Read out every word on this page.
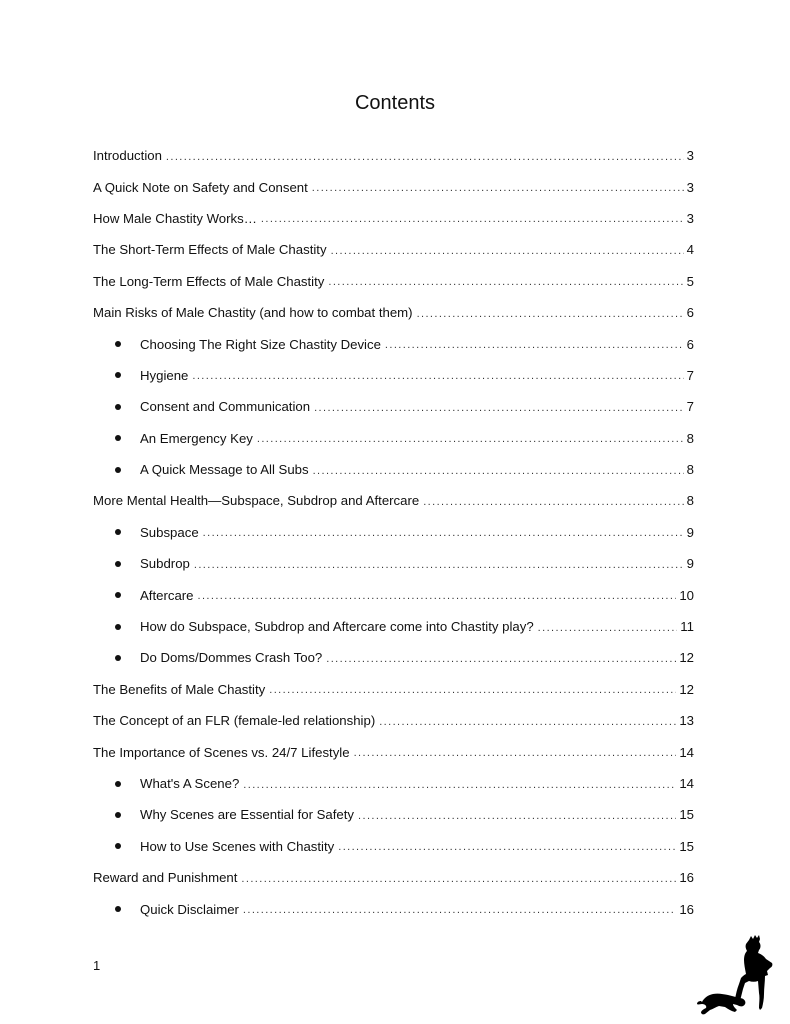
Contents
Introduction .....	3
A Quick Note on Safety and Consent .....	3
How Male Chastity Works… .....	3
The Short-Term Effects of Male Chastity .....	4
The Long-Term Effects of Male Chastity .....	5
Main Risks of Male Chastity (and how to combat them) .....	6
Choosing The Right Size Chastity Device .....	6
Hygiene .....	7
Consent and Communication .....	7
An Emergency Key .....	8
A Quick Message to All Subs .....	8
More Mental Health—Subspace, Subdrop and Aftercare .....	8
Subspace .....	9
Subdrop .....	9
Aftercare .....	10
How do Subspace, Subdrop and Aftercare come into Chastity play? .....	11
Do Doms/Dommes Crash Too? .....	12
The Benefits of Male Chastity .....	12
The Concept of an FLR (female-led relationship) .....	13
The Importance of Scenes vs. 24/7 Lifestyle .....	14
What's A Scene? .....	14
Why Scenes are Essential for Safety .....	15
How to Use Scenes with Chastity .....	15
Reward and Punishment .....	16
Quick Disclaimer .....	16
1
